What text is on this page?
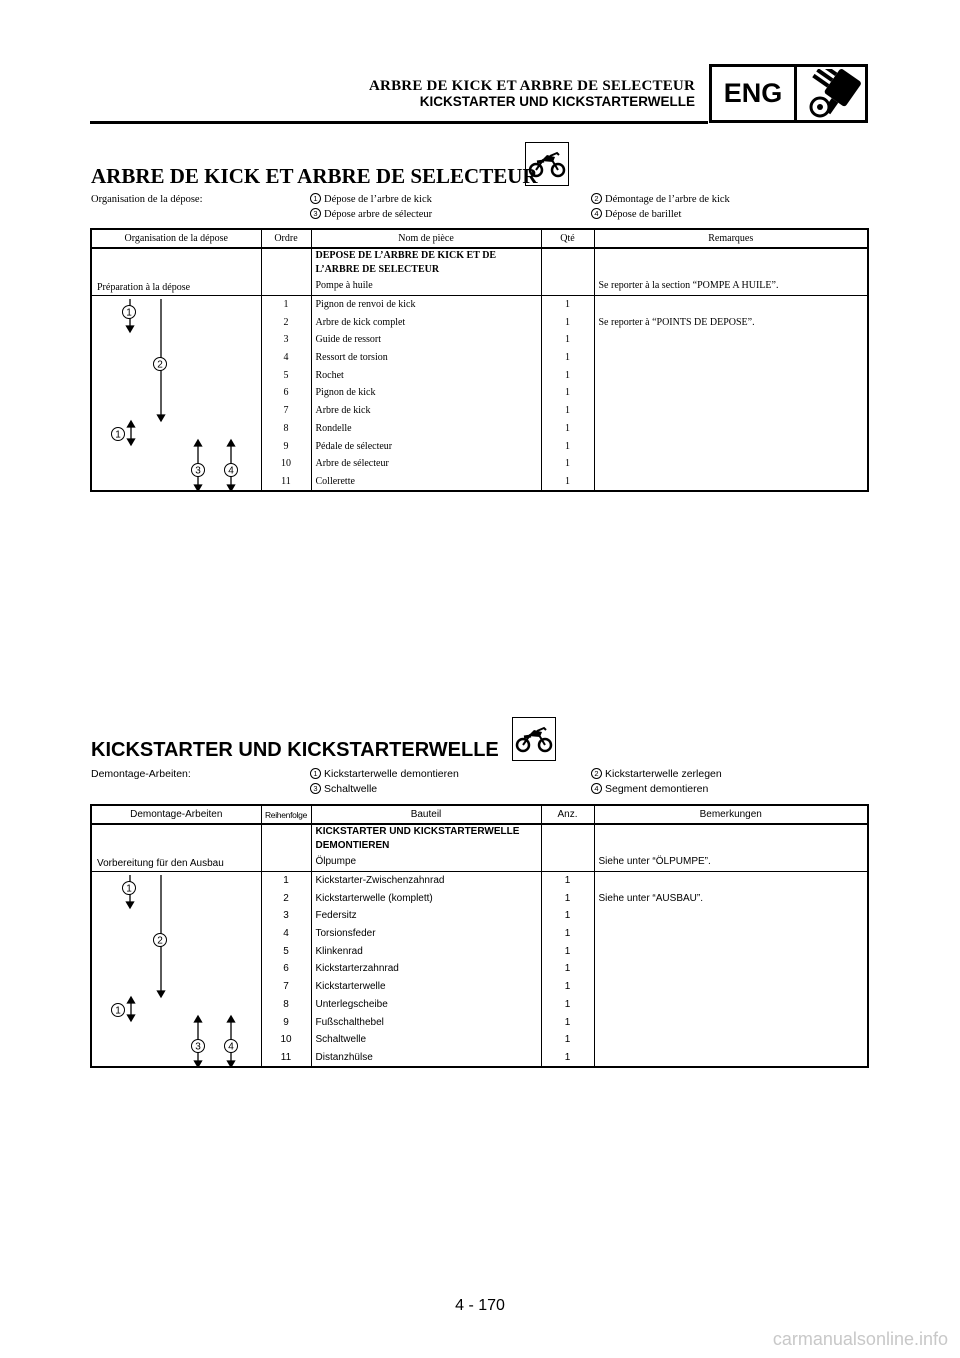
ARBRE DE KICK ET ARBRE DE SELECTEUR
KICKSTARTER UND KICKSTARTERWELLE	ENG
ARBRE DE KICK ET ARBRE DE SELECTEUR
Organisation de la dépose:	1 Dépose de l’arbre de kick	2 Démontage de l’arbre de kick
3 Dépose arbre de sélecteur	4 Dépose de barillet
Organisation de la dépose	Ordre	Nom de pièce	Qté	Remarques

Préparation à la dépose		DEPOSE DE L’ARBRE DE KICK ET DE L’ARBRE DE SELECTEUR		
		Pompe à huile		Se reporter à la section “POMPE A HUILE”.

1
2
1
3 4	1	Pignon de renvoi de kick	1	
	2	Arbre de kick complet	1	Se reporter à “POINTS DE DEPOSE”.
	3	Guide de ressort	1	
	4	Ressort de torsion	1	
	5	Rochet	1	
	6	Pignon de kick	1	
	7	Arbre de kick	1	
	8	Rondelle	1	
	9	Pédale de sélecteur	1	
	10	Arbre de sélecteur	1	
	11	Collerette	1	
KICKSTARTER UND KICKSTARTERWELLE
Demontage-Arbeiten:	1 Kickstarterwelle demontieren	2 Kickstarterwelle zerlegen
3 Schaltwelle	4 Segment demontieren
Demontage-Arbeiten	Reihenfolge	Bauteil	Anz.	Bemerkungen

Vorbereitung für den Ausbau		KICKSTARTER UND KICKSTARTERWELLE DEMONTIEREN		
		Ölpumpe		Siehe unter “ÖLPUMPE”.

1
2
1
3 4	1	Kickstarter-Zwischenzahnrad	1	
	2	Kickstarterwelle (komplett)	1	Siehe unter “AUSBAU”.
	3	Federsitz	1	
	4	Torsionsfeder	1	
	5	Klinkenrad	1	
	6	Kickstarterzahnrad	1	
	7	Kickstarterwelle	1	
	8	Unterlegscheibe	1	
	9	Fußschalthebel	1	
	10	Schaltwelle	1	
	11	Distanzhülse	1	
4 - 170
carmanualsonline.info
